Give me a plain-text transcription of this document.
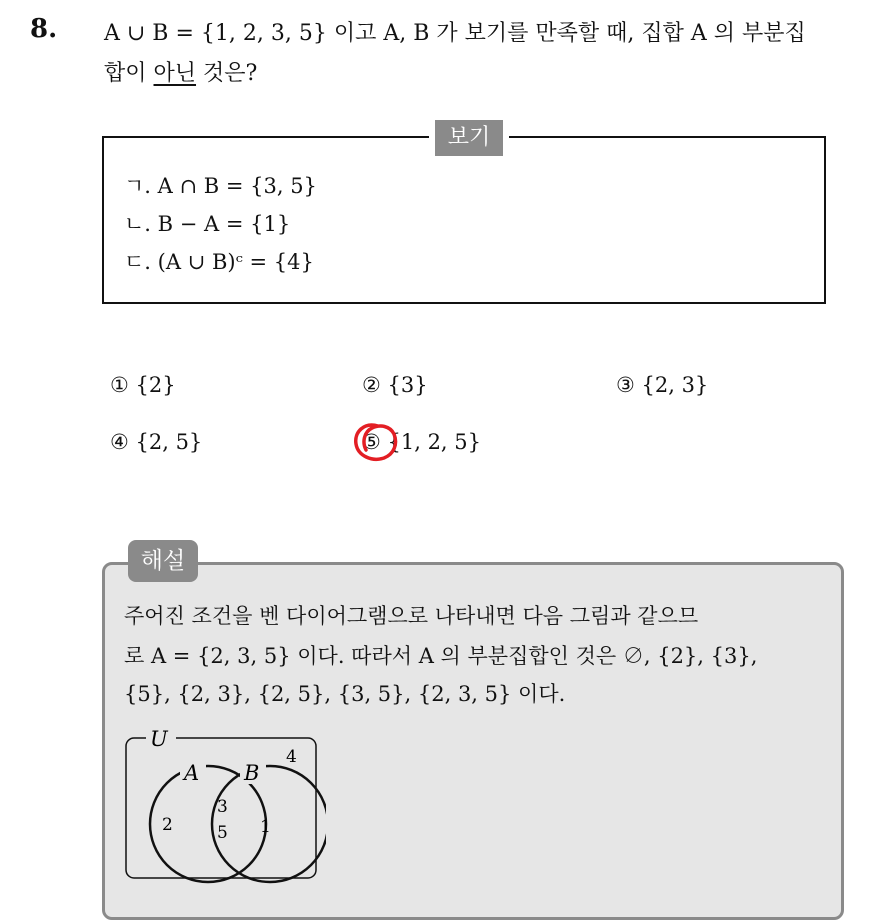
8. A ∪ B = {1, 2, 3, 5} 이고 A, B 가 보기를 만족할 때, 집합 A 의 부분집
합이 아닌 것은?
보기
ㄱ. A ∩ B = {3, 5}
ㄴ. B − A = {1}
ㄷ. (A ∪ B)ᶜ = {4}
① {2}	② {3}	③ {2, 3}
④ {2, 5}	⑤ {1, 2, 5}
해설
주어진 조건을 벤 다이어그램으로 나타내면 다음 그림과 같으므
로 A = {2, 3, 5} 이다. 따라서 A 의 부분집합인 것은 ∅, {2}, {3},
{5}, {2, 3}, {2, 5}, {3, 5}, {2, 3, 5} 이다.
U
A B
4
2
3
5 1
